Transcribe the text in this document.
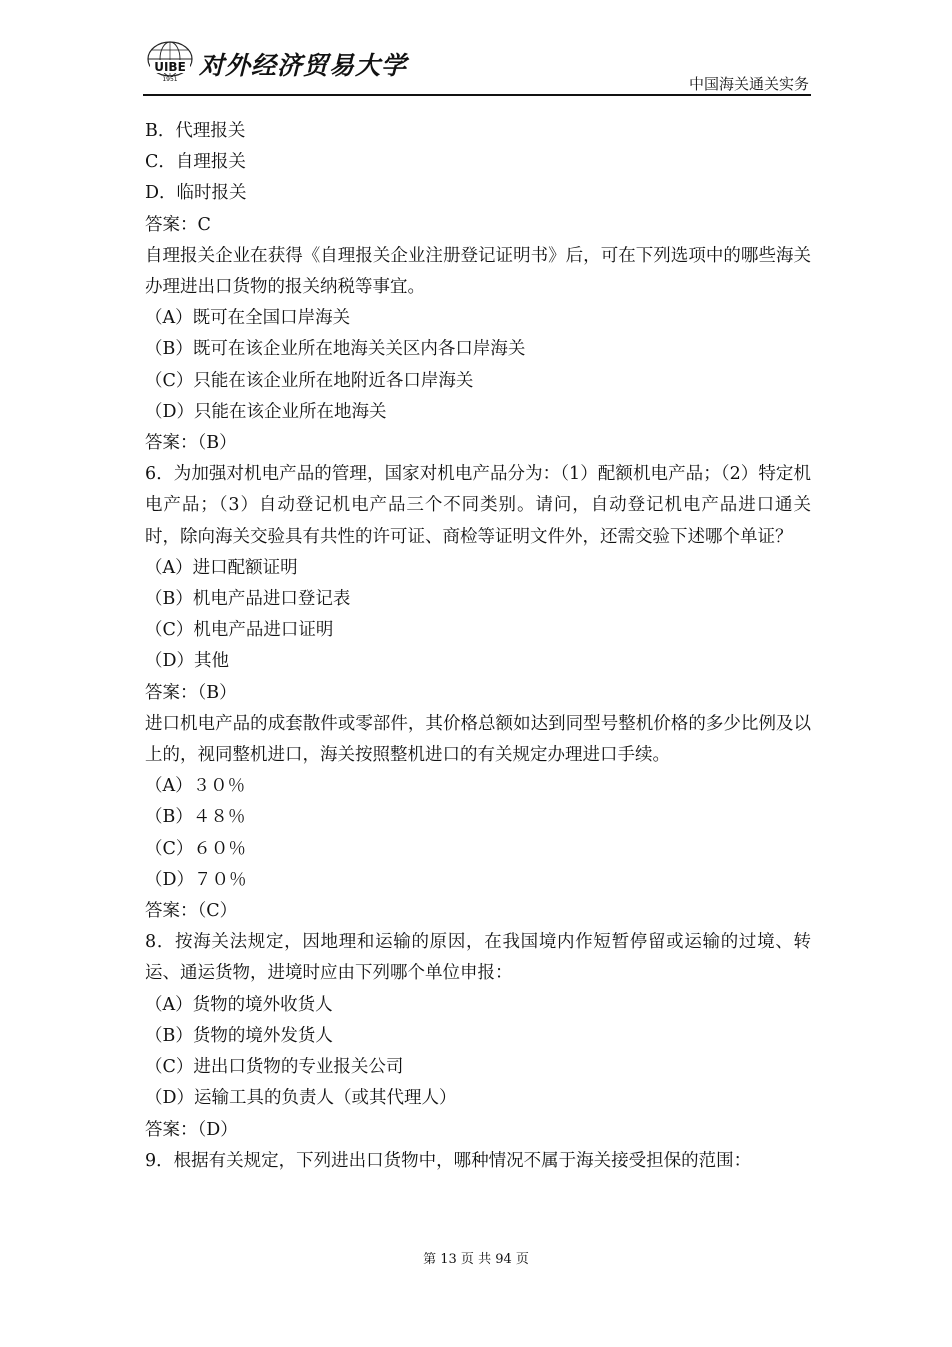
UIBE
1951 对外经济贸易大学
中国海关通关实务
B．代理报关
C．自理报关
D．临时报关
答案：C
自理报关企业在获得《自理报关企业注册登记证明书》后，可在下列选项中的哪些海关办理进出口货物的报关纳税等事宜。
（A）既可在全国口岸海关
（B）既可在该企业所在地海关关区内各口岸海关
（C）只能在该企业所在地附近各口岸海关
（D）只能在该企业所在地海关
答案：（B）
6．为加强对机电产品的管理，国家对机电产品分为：（1）配额机电产品；（2）特定机电产品；（3）自动登记机电产品三个不同类别。请问，自动登记机电产品进口通关时，除向海关交验具有共性的许可证、商检等证明文件外，还需交验下述哪个单证？
（A）进口配额证明
（B）机电产品进口登记表
（C）机电产品进口证明
（D）其他
答案：（B）
进口机电产品的成套散件或零部件，其价格总额如达到同型号整机价格的多少比例及以上的，视同整机进口，海关按照整机进口的有关规定办理进口手续。
（A）３０％
（B）４８％
（C）６０％
（D）７０％
答案：（C）
8．按海关法规定，因地理和运输的原因，在我国境内作短暂停留或运输的过境、转运、通运货物，进境时应由下列哪个单位申报：
（A）货物的境外收货人
（B）货物的境外发货人
（C）进出口货物的专业报关公司
（D）运输工具的负责人（或其代理人）
答案：（D）
9．根据有关规定，下列进出口货物中，哪种情况不属于海关接受担保的范围：
第 13 页 共 94 页
